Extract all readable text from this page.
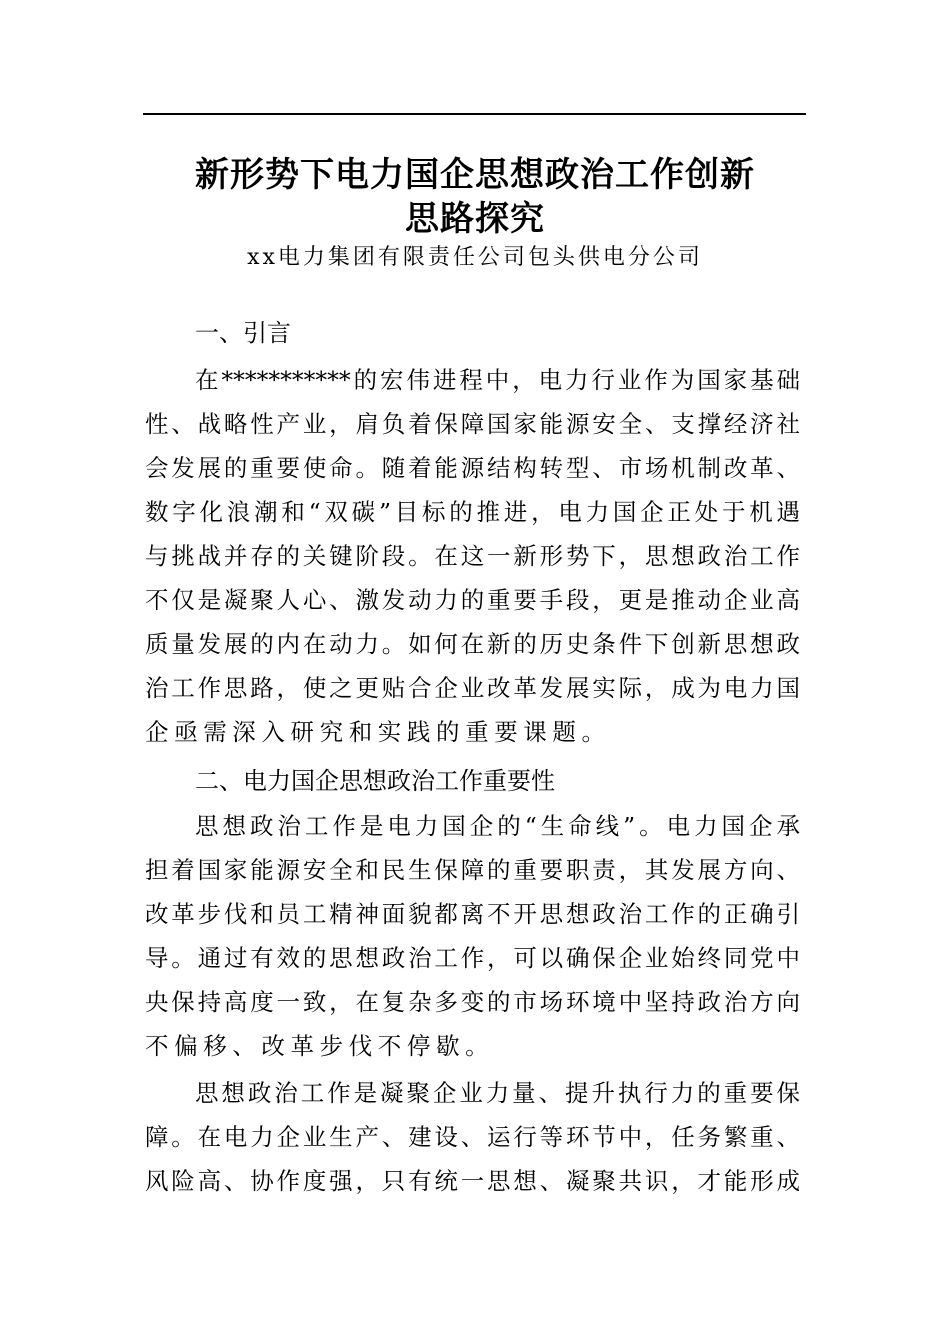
新形势下电力国企思想政治工作创新
思路探究
xx电力集团有限责任公司包头供电分公司
一、引言
在***********的宏伟进程中，电力行业作为国家基础
性、战略性产业，肩负着保障国家能源安全、支撑经济社
会发展的重要使命。随着能源结构转型、市场机制改革、
数字化浪潮和“双碳”目标的推进，电力国企正处于机遇
与挑战并存的关键阶段。在这一新形势下，思想政治工作
不仅是凝聚人心、激发动力的重要手段，更是推动企业高
质量发展的内在动力。如何在新的历史条件下创新思想政
治工作思路，使之更贴合企业改革发展实际，成为电力国
企亟需深入研究和实践的重要课题。
二、电力国企思想政治工作重要性
思想政治工作是电力国企的“生命线”。电力国企承
担着国家能源安全和民生保障的重要职责，其发展方向、
改革步伐和员工精神面貌都离不开思想政治工作的正确引
导。通过有效的思想政治工作，可以确保企业始终同党中
央保持高度一致，在复杂多变的市场环境中坚持政治方向
不偏移、改革步伐不停歇。
思想政治工作是凝聚企业力量、提升执行力的重要保
障。在电力企业生产、建设、运行等环节中，任务繁重、
风险高、协作度强，只有统一思想、凝聚共识，才能形成
